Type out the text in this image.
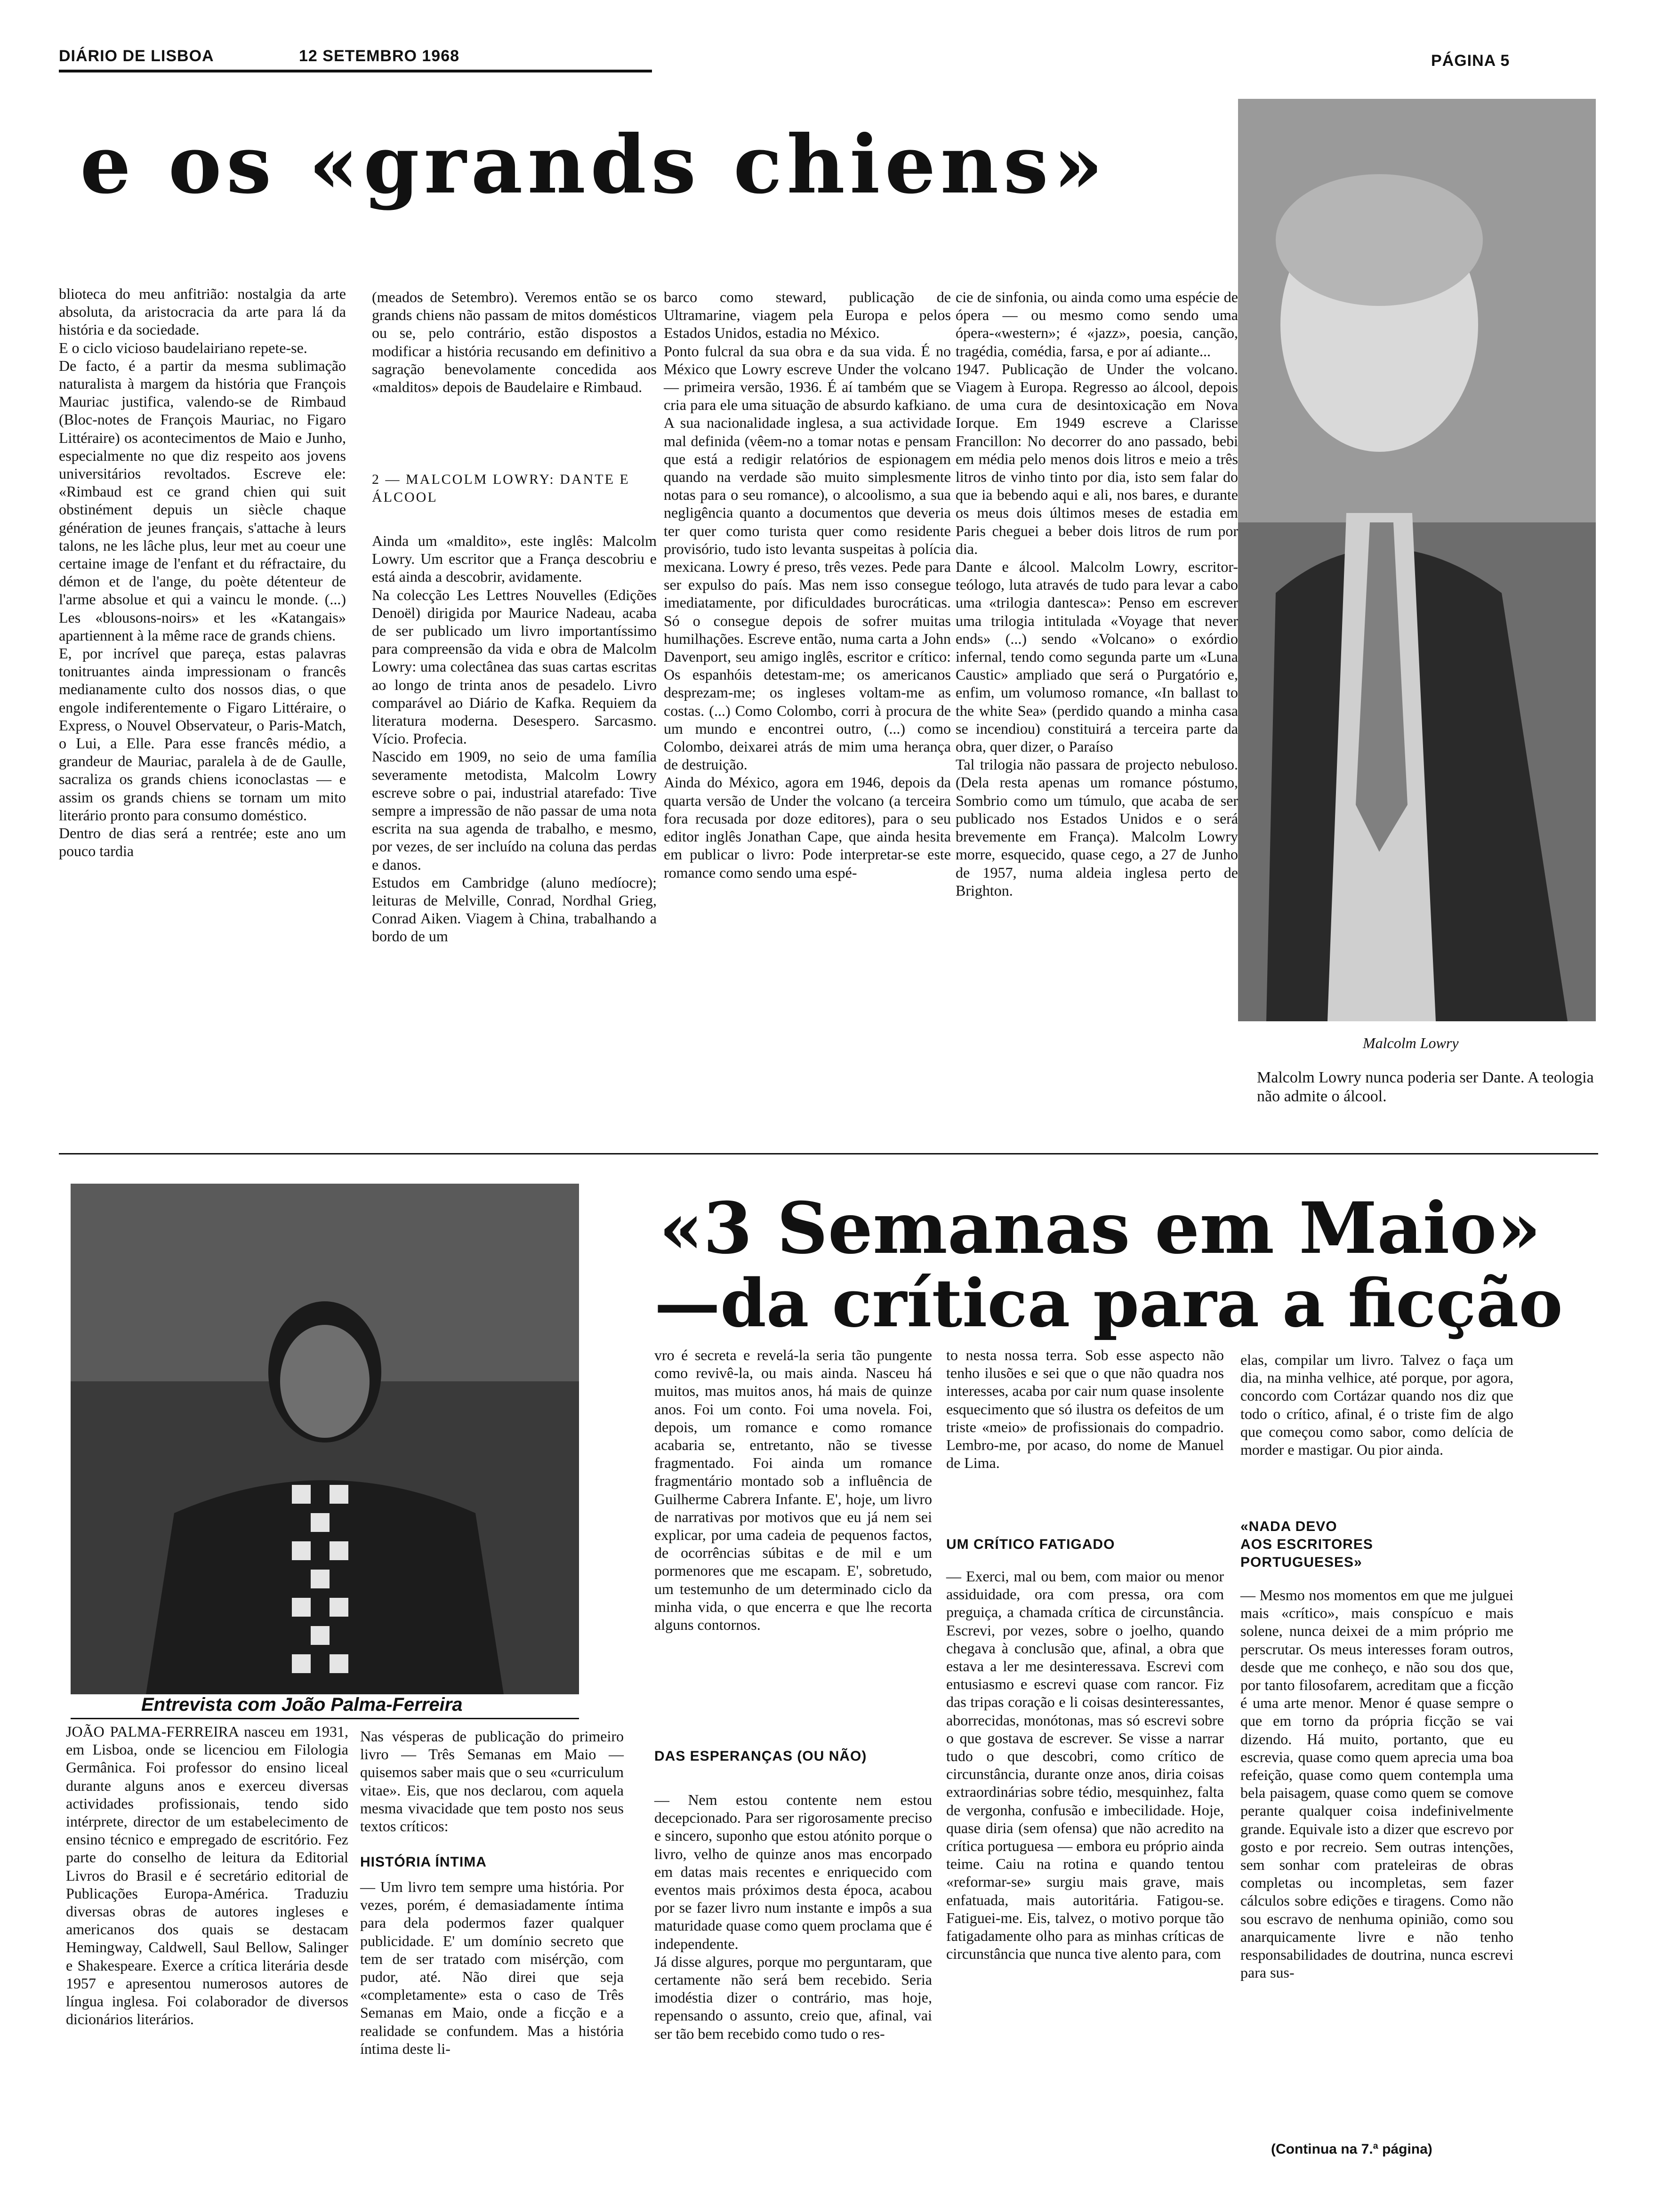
DIÁRIO DE LISBOA	12 SETEMBRO 1968	PÁGINA 5
e os «grands chiens»
blioteca do meu anfitrião: nostalgia da arte absoluta, da aristocracia da arte para lá da história e da sociedade.
E o ciclo vicioso baudelairiano repete-se.
De facto, é a partir da mesma sublimação naturalista à margem da história que François Mauriac justifica, valendo-se de Rimbaud (Bloc-notes de François Mauriac, no Figaro Littéraire) os acontecimentos de Maio e Junho, especialmente no que diz respeito aos jovens universitários revoltados. Escreve ele: «Rimbaud est ce grand chien qui suit obstinément depuis un siècle chaque génération de jeunes français, s'attache à leurs talons, ne les lâche plus, leur met au coeur une certaine image de l'enfant et du réfractaire, du démon et de l'ange, du poète détenteur de l'arme absolue et qui a vaincu le monde. (...) Les «blousons-noirs» et les «Katangais» apartiennent à la même race de grands chiens.
E, por incrível que pareça, estas palavras tonitruantes ainda impressionam o francês medianamente culto dos nossos dias, o que engole indiferentemente o Figaro Littéraire, o Express, o Nouvel Observateur, o Paris-Match, o Lui, a Elle. Para esse francês médio, a grandeur de Mauriac, paralela à de de Gaulle, sacraliza os grands chiens iconoclastas — e assim os grands chiens se tornam um mito literário pronto para consumo doméstico.
Dentro de dias será a rentrée; este ano um pouco tardia
(meados de Setembro). Veremos então se os grands chiens não passam de mitos domésticos ou se, pelo contrário, estão dispostos a modificar a história recusando em definitivo a sagração benevolamente concedida aos «malditos» depois de Baudelaire e Rimbaud.
2 — MALCOLM LOWRY: DANTE E ÁLCOOL
Ainda um «maldito», este inglês: Malcolm Lowry. Um escritor que a França descobriu e está ainda a descobrir, avidamente.
Na colecção Les Lettres Nouvelles (Edições Denoël) dirigida por Maurice Nadeau, acaba de ser publicado um livro importantíssimo para compreensão da vida e obra de Malcolm Lowry: uma colectânea das suas cartas escritas ao longo de trinta anos de pesadelo. Livro comparável ao Diário de Kafka. Requiem da literatura moderna. Desespero. Sarcasmo. Vício. Profecia.
Nascido em 1909, no seio de uma família severamente metodista, Malcolm Lowry escreve sobre o pai, industrial atarefado: Tive sempre a impressão de não passar de uma nota escrita na sua agenda de trabalho, e mesmo, por vezes, de ser incluído na coluna das perdas e danos.
Estudos em Cambridge (aluno medíocre); leituras de Melville, Conrad, Nordhal Grieg, Conrad Aiken. Viagem à China, trabalhando a bordo de um
barco como steward, publicação de Ultramarine, viagem pela Europa e pelos Estados Unidos, estadia no México.
Ponto fulcral da sua obra e da sua vida. É no México que Lowry escreve Under the volcano — primeira versão, 1936. É aí também que se cria para ele uma situação de absurdo kafkiano. A sua nacionalidade inglesa, a sua actividade mal definida (vêem-no a tomar notas e pensam que está a redigir relatórios de espionagem quando na verdade são muito simplesmente notas para o seu romance), o alcoolismo, a sua negligência quanto a documentos que deveria ter quer como turista quer como residente provisório, tudo isto levanta suspeitas à polícia mexicana. Lowry é preso, três vezes. Pede para ser expulso do país. Mas nem isso consegue imediatamente, por dificuldades burocráticas. Só o consegue depois de sofrer muitas humilhações. Escreve então, numa carta a John Davenport, seu amigo inglês, escritor e crítico: Os espanhóis detestam-me; os americanos desprezam-me; os ingleses voltam-me as costas. (...) Como Colombo, corri à procura de um mundo e encontrei outro, (...) como Colombo, deixarei atrás de mim uma herança de destruição.
Ainda do México, agora em 1946, depois da quarta versão de Under the volcano (a terceira fora recusada por doze editores), para o seu editor inglês Jonathan Cape, que ainda hesita em publicar o livro: Pode interpretar-se este romance como sendo uma espé-
cie de sinfonia, ou ainda como uma espécie de ópera — ou mesmo como sendo uma ópera-«western»; é «jazz», poesia, canção, tragédia, comédia, farsa, e por aí adiante...
1947. Publicação de Under the volcano. Viagem à Europa. Regresso ao álcool, depois de uma cura de desintoxicação em Nova Iorque. Em 1949 escreve a Clarisse Francillon: No decorrer do ano passado, bebi em média pelo menos dois litros e meio a três litros de vinho tinto por dia, isto sem falar do que ia bebendo aqui e ali, nos bares, e durante os meus dois últimos meses de estadia em Paris cheguei a beber dois litros de rum por dia.
Dante e álcool. Malcolm Lowry, escritor-teólogo, luta através de tudo para levar a cabo uma «trilogia dantesca»: Penso em escrever uma trilogia intitulada «Voyage that never ends» (...) sendo «Volcano» o exórdio infernal, tendo como segunda parte um «Luna Caustic» ampliado que será o Purgatório e, enfim, um volumoso romance, «In ballast to the white Sea» (perdido quando a minha casa se incendiou) constituirá a terceira parte da obra, quer dizer, o Paraíso
Tal trilogia não passara de projecto nebuloso. (Dela resta apenas um romance póstumo, Sombrio como um túmulo, que acaba de ser publicado nos Estados Unidos e o será brevemente em França). Malcolm Lowry morre, esquecido, quase cego, a 27 de Junho de 1957, numa aldeia inglesa perto de Brighton.
Malcolm Lowry
Malcolm Lowry nunca poderia ser Dante. A teologia não admite o álcool.
Entrevista com João Palma-Ferreira
«3 Semanas em Maio»
—da crítica para a ficção
JOÃO PALMA-FERREIRA nasceu em 1931, em Lisboa, onde se licenciou em Filologia Germânica. Foi professor do ensino liceal durante alguns anos e exerceu diversas actividades profissionais, tendo sido intérprete, director de um estabelecimento de ensino técnico e empregado de escritório. Fez parte do conselho de leitura da Editorial Livros do Brasil e é secretário editorial de Publicações Europa-América. Traduziu diversas obras de autores ingleses e americanos dos quais se destacam Hemingway, Caldwell, Saul Bellow, Salinger e Shakespeare. Exerce a crítica literária desde 1957 e apresentou numerosos autores de língua inglesa. Foi colaborador de diversos dicionários literários.
Nas vésperas de publicação do primeiro livro — Três Semanas em Maio — quisemos saber mais que o seu «curriculum vitae». Eis, que nos declarou, com aquela mesma vivacidade que tem posto nos seus textos críticos:
HISTÓRIA ÍNTIMA
— Um livro tem sempre uma história. Por vezes, porém, é demasiadamente íntima para dela podermos fazer qualquer publicidade. E' um domínio secreto que tem de ser tratado com misérção, com pudor, até. Não direi que seja «completamente» esta o caso de Três Semanas em Maio, onde a ficção e a realidade se confundem. Mas a história íntima deste li-
vro é secreta e revelá-la seria tão pungente como revivê-la, ou mais ainda. Nasceu há muitos, mas muitos anos, há mais de quinze anos. Foi um conto. Foi uma novela. Foi, depois, um romance e como romance acabaria se, entretanto, não se tivesse fragmentado. Foi ainda um romance fragmentário montado sob a influência de Guilherme Cabrera Infante. E', hoje, um livro de narrativas por motivos que eu já nem sei explicar, por uma cadeia de pequenos factos, de ocorrências súbitas e de mil e um pormenores que me escapam. E', sobretudo, um testemunho de um determinado ciclo da minha vida, o que encerra e que lhe recorta alguns contornos.
DAS ESPERANÇAS (OU NÃO)
— Nem estou contente nem estou decepcionado. Para ser rigorosamente preciso e sincero, suponho que estou atónito porque o livro, velho de quinze anos mas encorpado em datas mais recentes e enriquecido com eventos mais próximos desta época, acabou por se fazer livro num instante e impôs a sua maturidade quase como quem proclama que é independente.
Já disse algures, porque mo perguntaram, que certamente não será bem recebido. Seria imodéstia dizer o contrário, mas hoje, repensando o assunto, creio que, afinal, vai ser tão bem recebido como tudo o res-
to nesta nossa terra. Sob esse aspecto não tenho ilusões e sei que o que não quadra nos interesses, acaba por cair num quase insolente esquecimento que só ilustra os defeitos de um triste «meio» de profissionais do compadrio. Lembro-me, por acaso, do nome de Manuel de Lima.
UM CRÍTICO FATIGADO
— Exerci, mal ou bem, com maior ou menor assiduidade, ora com pressa, ora com preguiça, a chamada crítica de circunstância. Escrevi, por vezes, sobre o joelho, quando chegava à conclusão que, afinal, a obra que estava a ler me desinteressava. Escrevi com entusiasmo e escrevi quase com rancor. Fiz das tripas coração e li coisas desinteressantes, aborrecidas, monótonas, mas só escrevi sobre o que gostava de escrever. Se visse a narrar tudo o que descobri, como crítico de circunstância, durante onze anos, diria coisas extraordinárias sobre tédio, mesquinhez, falta de vergonha, confusão e imbecilidade. Hoje, quase diria (sem ofensa) que não acredito na crítica portuguesa — embora eu próprio ainda teime. Caiu na rotina e quando tentou «reformar-se» surgiu mais grave, mais enfatuada, mais autoritária. Fatigou-se. Fatiguei-me. Eis, talvez, o motivo porque tão fatigadamente olho para as minhas críticas de circunstância que nunca tive alento para, com
elas, compilar um livro. Talvez o faça um dia, na minha velhice, até porque, por agora, concordo com Cortázar quando nos diz que todo o crítico, afinal, é o triste fim de algo que começou como sabor, como delícia de morder e mastigar. Ou pior ainda.
«NADA DEVO
AOS ESCRITORES
PORTUGUESES»
— Mesmo nos momentos em que me julguei mais «crítico», mais conspícuo e mais solene, nunca deixei de a mim próprio me perscrutar. Os meus interesses foram outros, desde que me conheço, e não sou dos que, por tanto filosofarem, acreditam que a ficção é uma arte menor. Menor é quase sempre o que em torno da própria ficção se vai dizendo. Há muito, portanto, que eu escrevia, quase como quem aprecia uma boa refeição, quase como quem contempla uma bela paisagem, quase como quem se comove perante qualquer coisa indefinivelmente grande. Equivale isto a dizer que escrevo por gosto e por recreio. Sem outras intenções, sem sonhar com prateleiras de obras completas ou incompletas, sem fazer cálculos sobre edições e tiragens. Como não sou escravo de nenhuma opinião, como sou anarquicamente livre e não tenho responsabilidades de doutrina, nunca escrevi para sus-
(Continua na 7.ª página)
